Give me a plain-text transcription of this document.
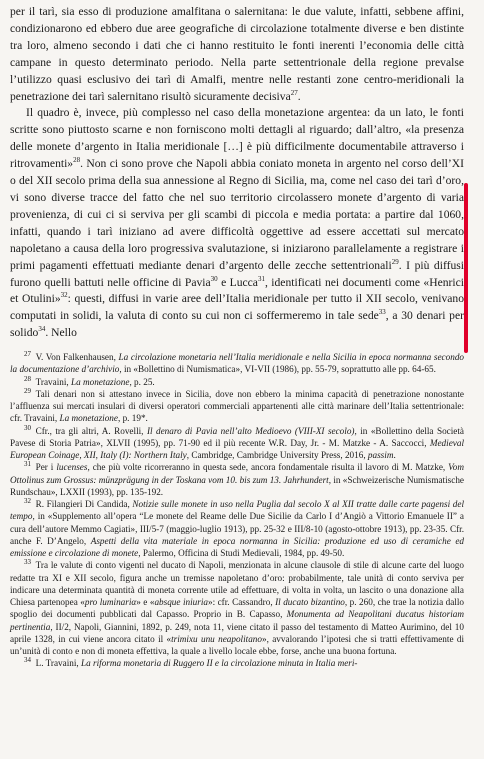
per il tarì, sia esso di produzione amalfitana o salernitana: le due valute, infatti, sebbene affini, condizionarono ed ebbero due aree geografiche di circolazione totalmente diverse e ben distinte tra loro, almeno secondo i dati che ci hanno restituito le fonti inerenti l’economia delle città campane in questo determinato periodo. Nella parte settentrionale della regione prevalse l’utilizzo quasi esclusivo dei tarì di Amalfi, mentre nelle restanti zone centro-meridionali la penetrazione dei tarì salernitano risultò sicuramente decisiva$^{27}$.

Il quadro è, invece, più complesso nel caso della monetazione argentea: da un lato, le fonti scritte sono piuttosto scarne e non forniscono molti dettagli al riguardo; dall’altro, «la presenza delle monete d’argento in Italia meridionale […] è più difficilmente documentabile attraverso i ritrovamenti»$^{28}$. Non ci sono prove che Napoli abbia coniato moneta in argento nel corso dell’XI o del XII secolo prima della sua annessione al Regno di Sicilia, ma, come nel caso dei tarì d’oro, vi sono diverse tracce del fatto che nel suo territorio circolassero monete d’argento di varia provenienza, di cui ci si serviva per gli scambi di piccola e media portata: a partire dal 1060, infatti, quando i tarì iniziano ad avere difficoltà oggettive ad essere accettati sul mercato napoletano a causa della loro progressiva svalutazione, si iniziarono parallelamente a registrare i primi pagamenti effettuati mediante denari d’argento delle zecche settentrionali$^{29}$. I più diffusi furono quelli battuti nelle officine di Pavia$^{30}$ e Lucca$^{31}$, identificati nei documenti come «Henrici et Otulini»$^{32}$: questi, diffusi in varie aree dell’Italia meridionale per tutto il XII secolo, venivano computati in solidi, la valuta di conto su cui non ci soffermeremo in tale sede$^{33}$, a 30 denari per solido$^{34}$. Nello

$^{27}$  V. Von Falkenhausen, La circolazione monetaria nell’Italia meridionale e nella Sicilia in epoca normanna secondo la documentazione d’archivio, in «Bollettino di Numismatica», VI-VII (1986), pp. 55-79, soprattutto alle pp. 64-65.

$^{28}$  Travaini, La monetazione, p. 25.

$^{29}$  Tali denari non si attestano invece in Sicilia, dove non ebbero la minima capacità di penetrazione nonostante l’affluenza sui mercati insulari di diversi operatori commerciali appartenenti alle città marinare dell’Italia settentrionale: cfr. Travaini, La monetazione, p. 19*.

$^{30}$  Cfr., tra gli altri, A. Rovelli, Il denaro di Pavia nell’alto Medioevo (VIII-XI secolo), in «Bollettino della Società Pavese di Storia Patria», XLVII (1995), pp. 71-90 ed il più recente W.R. Day, Jr. - M. Matzke - A. Saccocci, Medieval European Coinage, XII, Italy (I): Northern Italy, Cambridge, Cambridge University Press, 2016, passim.

$^{31}$  Per i lucenses, che più volte ricorreranno in questa sede, ancora fondamentale risulta il lavoro di M. Matzke, Vom Ottolinus zum Grossus: münzprägung in der Toskana vom 10. bis zum 13. Jahrhundert, in «Schweizerische Numismatische Rundschau», LXXII (1993), pp. 135-192.

$^{32}$  R. Filangieri Di Candida, Notizie sulle monete in uso nella Puglia dal secolo X al XII tratte dalle carte pagensi del tempo, in «Supplemento all’opera “Le monete del Reame delle Due Sicilie da Carlo I d’Angiò a Vittorio Emanuele II” a cura dell’autore Memmo Cagiati», III/5-7 (maggio-luglio 1913), pp. 25-32 e III/8-10 (agosto-ottobre 1913), pp. 23-35. Cfr. anche F. D’Angelo, Aspetti della vita materiale in epoca normanna in Sicilia: produzione ed uso di ceramiche ed emissione e circolazione di monete, Palermo, Officina di Studi Medievali, 1984, pp. 49-50.

$^{33}$  Tra le valute di conto vigenti nel ducato di Napoli, menzionata in alcune clausole di stile di alcune carte del luogo redatte tra XI e XII secolo, figura anche un tremisse napoletano d’oro: probabilmente, tale unità di conto serviva per indicare una determinata quantità di moneta corrente utile ad effettuare, di volta in volta, un lascito o una donazione alla Chiesa partenopea «pro luminariα» e «absque iniuria»: cfr. Cassandro, Il ducato bizantino, p. 260, che trae la notizia dallo spoglio dei documenti pubblicati dal Capasso. Proprio in B. Capasso, Monumenta ad Neapolitani ducatus historiam pertinentia, II/2, Napoli, Giannini, 1892, p. 249, nota 11, viene citato il passo del testamento di Matteo Aurimino, del 10 aprile 1328, in cui viene ancora citato il «trimixu unu neapolitano», avvalorando l’ipotesi che si tratti effettivamente di un’unità di conto e non di moneta effettiva, la quale a livello locale ebbe, forse, anche una buona fortuna.

$^{34}$  L. Travaini, La riforma monetaria di Ruggero II e la circolazione minuta in Italia meri-
